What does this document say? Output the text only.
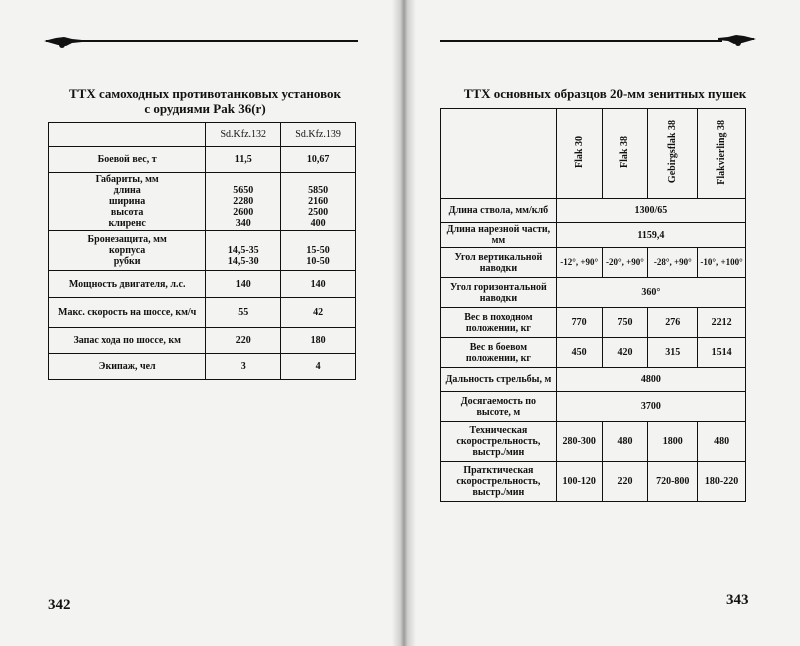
ТТХ самоходных противотанковых установок
с орудиями Pak 36(r)
	Sd.Kfz.132	Sd.Kfz.139
Боевой вес, т	11,5	10,67

Габариты, мм
длина
ширина
высота
клиренс	5650
2280
2600
340	5850
2160
2500
400

Бронезащита, мм
корпуса
рубки	14,5-35
14,5-30	15-50
10-50

Мощность двигателя, л.с.	140	140
Макс. скорость на шоссе, км/ч	55	42
Запас хода по шоссе, км	220	180
Экипаж, чел	3	4
342
ТТХ основных образцов 20-мм зенитных пушек
	Flak 30	Flak 38	Gebirgsflak 38	Flakvierling 38
Длина ствола, мм/клб	1300/65			
Длина нарезной части, мм	1159,4			
Угол вертикальной наводки	-12°, +90°	-20°, +90°	-28°, +90°	-10°, +100°
Угол горизонтальной наводки	360°			
Вес в походном положении, кг	770	750	276	2212
Вес в боевом положении, кг	450	420	315	1514
Дальность стрельбы, м	4800			
Досягаемость по высоте, м	3700			
Техническая скорострельность, выстр./мин	280-300	480	1800	480
Пратктическая скорострельность, выстр./мин	100-120	220	720-800	180-220
343
